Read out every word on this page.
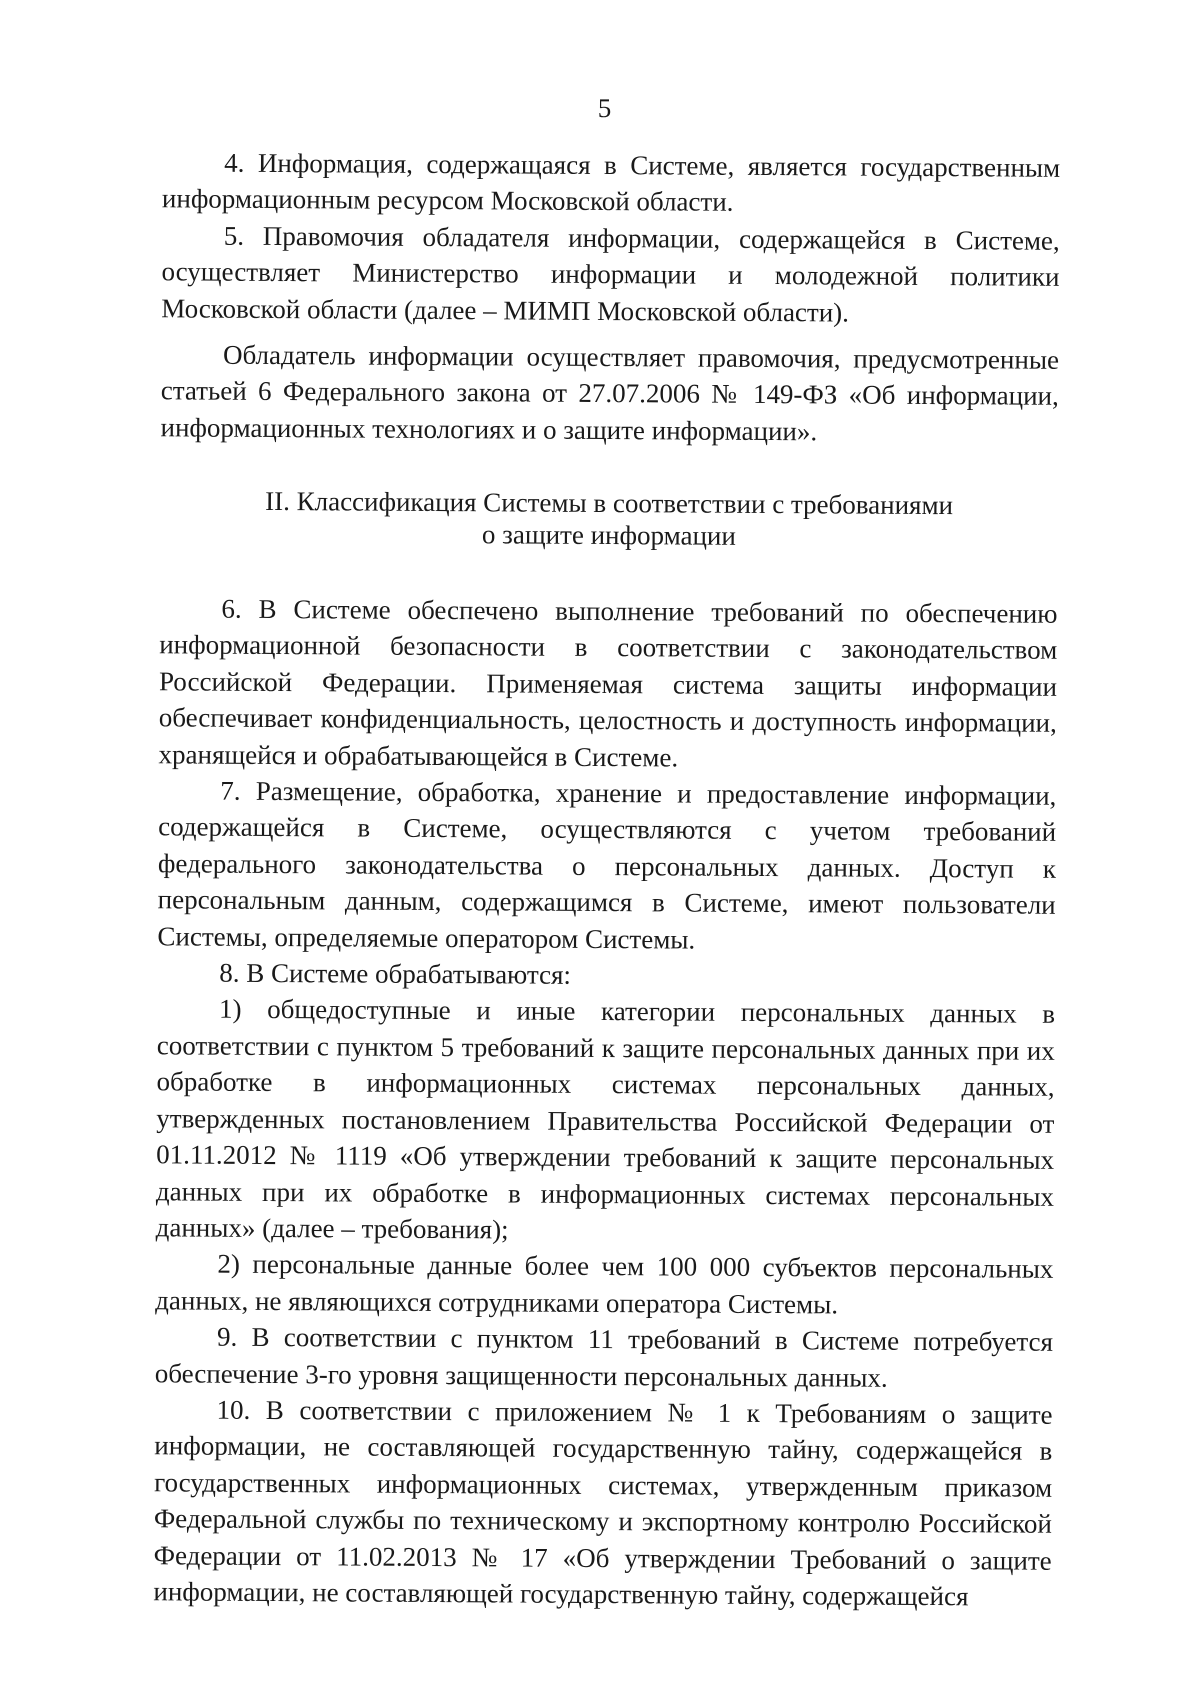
5

4. Информация, содержащаяся в Системе, является государственным информационным ресурсом Московской области.

5. Правомочия обладателя информации, содержащейся в Системе, осуществляет Министерство информации и молодежной политики Московской области (далее – МИМП Московской области).

Обладатель информации осуществляет правомочия, предусмотренные статьей 6 Федерального закона от 27.07.2006 № 149-ФЗ «Об информации, информационных технологиях и о защите информации».

II. Классификация Системы в соответствии с требованиями
о защите информации

6. В Системе обеспечено выполнение требований по обеспечению информационной безопасности в соответствии с законодательством Российской Федерации. Применяемая система защиты информации обеспечивает конфиденциальность, целостность и доступность информации, хранящейся и обрабатывающейся в Системе.

7. Размещение, обработка, хранение и предоставление информации, содержащейся в Системе, осуществляются с учетом требований федерального законодательства о персональных данных. Доступ к персональным данным, содержащимся в Системе, имеют пользователи Системы, определяемые оператором Системы.

8. В Системе обрабатываются:

1) общедоступные и иные категории персональных данных в соответствии с пунктом 5 требований к защите персональных данных при их обработке в информационных системах персональных данных, утвержденных постановлением Правительства Российской Федерации от 01.11.2012 № 1119 «Об утверждении требований к защите персональных данных при их обработке в информационных системах персональных данных» (далее – требования);

2) персональные данные более чем 100 000 субъектов персональных данных, не являющихся сотрудниками оператора Системы.

9. В соответствии с пунктом 11 требований в Системе потребуется обеспечение 3-го уровня защищенности персональных данных.

10. В соответствии с приложением № 1 к Требованиям о защите информации, не составляющей государственную тайну, содержащейся в государственных информационных системах, утвержденным приказом Федеральной службы по техническому и экспортному контролю Российской Федерации от 11.02.2013 № 17 «Об утверждении Требований о защите информации, не составляющей государственную тайну, содержащейся
